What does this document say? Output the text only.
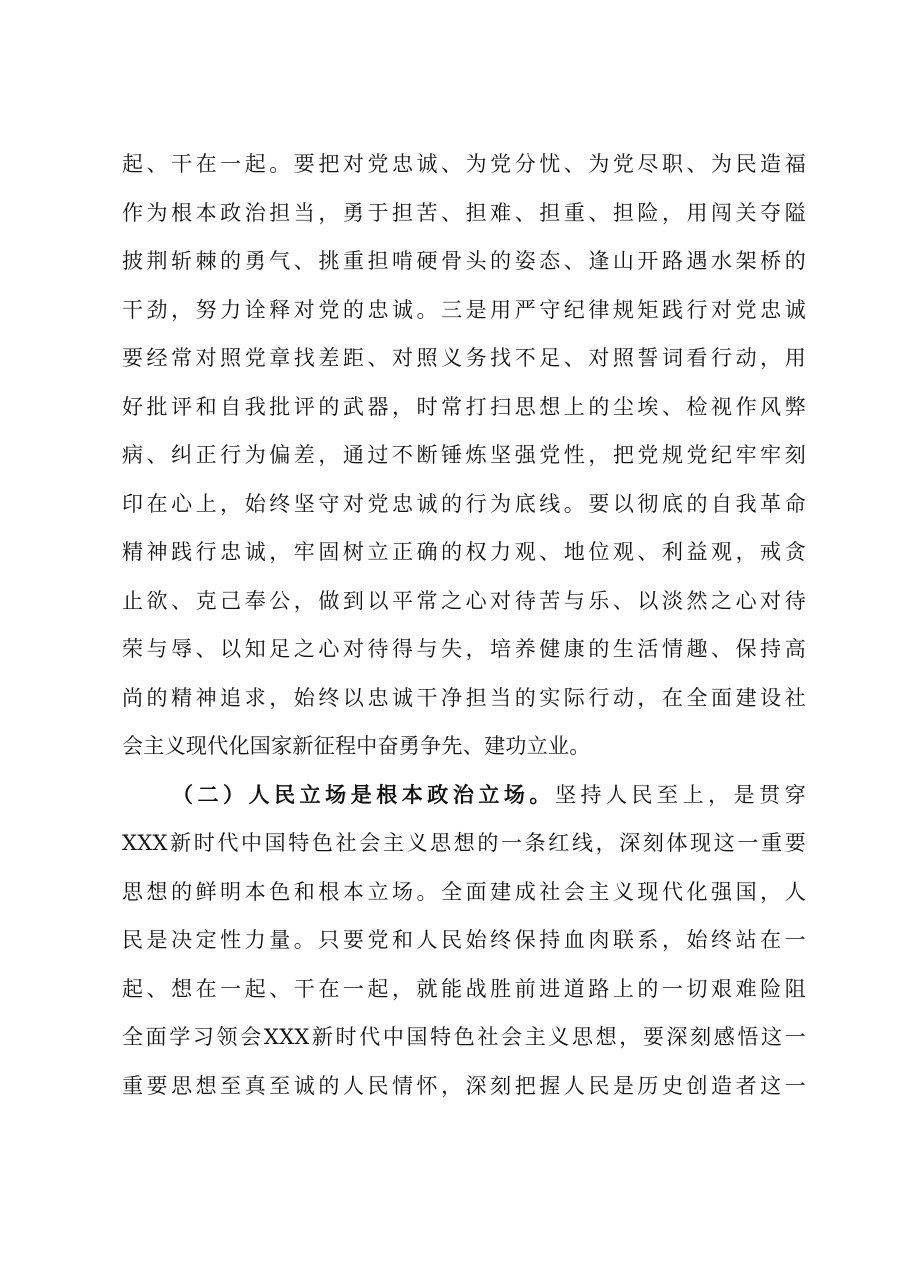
起、干在一起。要把对党忠诚、为党分忧、为党尽职、为民造福
作为根本政治担当，勇于担苦、担难、担重、担险，用闯关夺隘
披荆斩棘的勇气、挑重担啃硬骨头的姿态、逢山开路遇水架桥的
干劲，努力诠释对党的忠诚。三是用严守纪律规矩践行对党忠诚
要经常对照党章找差距、对照义务找不足、对照誓词看行动，用
好批评和自我批评的武器，时常打扫思想上的尘埃、检视作风弊
病、纠正行为偏差，通过不断锤炼坚强党性，把党规党纪牢牢刻
印在心上，始终坚守对党忠诚的行为底线。要以彻底的自我革命
精神践行忠诚，牢固树立正确的权力观、地位观、利益观，戒贪
止欲、克己奉公，做到以平常之心对待苦与乐、以淡然之心对待
荣与辱、以知足之心对待得与失，培养健康的生活情趣、保持高
尚的精神追求，始终以忠诚干净担当的实际行动，在全面建设社
会主义现代化国家新征程中奋勇争先、建功立业。
（二）人民立场是根本政治立场。坚持人民至上，是贯穿
XXX新时代中国特色社会主义思想的一条红线，深刻体现这一重要
思想的鲜明本色和根本立场。全面建成社会主义现代化强国，人
民是决定性力量。只要党和人民始终保持血肉联系，始终站在一
起、想在一起、干在一起，就能战胜前进道路上的一切艰难险阻
全面学习领会XXX新时代中国特色社会主义思想，要深刻感悟这一
重要思想至真至诚的人民情怀，深刻把握人民是历史创造者这一
